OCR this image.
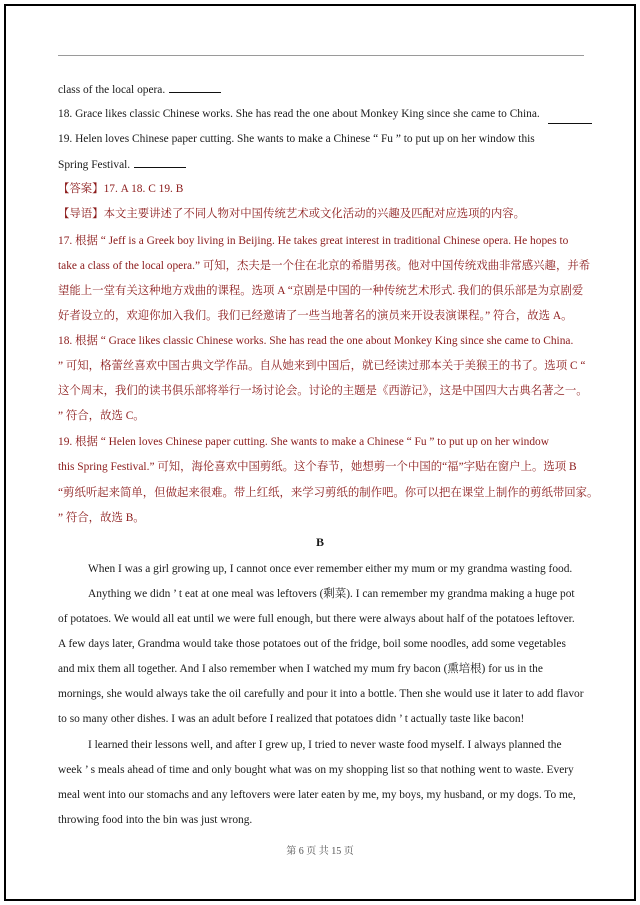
class of the local opera.
18. Grace likes classic Chinese works. She has read the one about Monkey King since she came to China.
19. Helen loves Chinese paper cutting. She wants to make a Chinese “ Fu ” to put up on her window this
Spring Festival.
【答案】17. A 18. C 19. B
【导语】本文主要讲述了不同人物对中国传统艺术或文化活动的兴趣及匹配对应选项的内容。
17. 根据 “ Jeff is a Greek boy living in Beijing. He takes great interest in traditional Chinese opera. He hopes to
take a class of the local opera.” 可知，杰夫是一个住在北京的希腊男孩。他对中国传统戏曲非常感兴趣，并希
望能上一堂有关这种地方戏曲的课程。选项 A “京剧是中国的一种传统艺术形式. 我们的俱乐部是为京剧爱
好者设立的，欢迎你加入我们。我们已经邀请了一些当地著名的演员来开设表演课程。” 符合，故选 A。
18. 根据 “ Grace likes classic Chinese works. She has read the one about Monkey King since she came to China.
” 可知，格蕾丝喜欢中国古典文学作品。自从她来到中国后，就已经读过那本关于美猴王的书了。选项 C “
这个周末，我们的读书俱乐部将举行一场讨论会。讨论的主题是《西游记》，这是中国四大古典名著之一。
” 符合，故选 C。
19. 根据 “ Helen loves Chinese paper cutting. She wants to make a Chinese “ Fu ” to put up on her window
this Spring Festival.” 可知，海伦喜欢中国剪纸。这个春节，她想剪一个中国的“福”字贴在窗户上。选项 B
“剪纸听起来简单，但做起来很难。带上红纸，来学习剪纸的制作吧。你可以把在课堂上制作的剪纸带回家。
” 符合，故选 B。
B
When I was a girl growing up, I cannot once ever remember either my mum or my grandma wasting food.
Anything we didn ’ t eat at one meal was leftovers (剩菜). I can remember my grandma making a huge pot
of potatoes. We would all eat until we were full enough, but there were always about half of the potatoes leftover.
A few days later, Grandma would take those potatoes out of the fridge, boil some noodles, add some vegetables
and mix them all together. And I also remember when I watched my mum fry bacon (熏培根) for us in the
mornings, she would always take the oil carefully and pour it into a bottle. Then she would use it later to add flavor
to so many other dishes. I was an adult before I realized that potatoes didn ’ t actually taste like bacon!
I learned their lessons well, and after I grew up, I tried to never waste food myself. I always planned the
week ’ s meals ahead of time and only bought what was on my shopping list so that nothing went to waste. Every
meal went into our stomachs and any leftovers were later eaten by me, my boys, my husband, or my dogs. To me,
throwing food into the bin was just wrong.
第 6 页 共 15 页
